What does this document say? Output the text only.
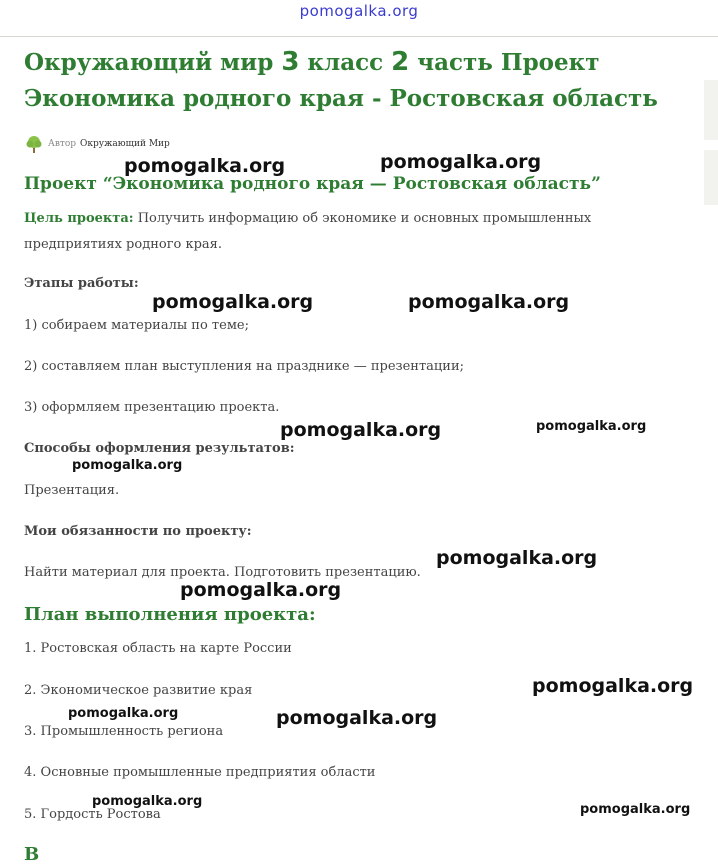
pomogalka.org
Окружающий мир 3 класс 2 часть Проект
Экономика родного края - Ростовская область
Автор Окружающий Мир
Проект “Экономика родного края — Ростовская область”
Цель проекта: Получить информацию об экономике и основных промышленных предприятиях родного края.
Этапы работы:
1) собираем материалы по теме;
2) составляем план выступления на празднике — презентации;
3) оформляем презентацию проекта.
Способы оформления результатов:
Презентация.
Мои обязанности по проекту:
Найти материал для проекта. Подготовить презентацию.
План выполнения проекта:
1. Ростовская область на карте России
2. Экономическое развитие края
3. Промышленность региона
4. Основные промышленные предприятия области
5. Гордость Ростова
В
pomogalka.org	pomogalka.org
pomogalka.org	pomogalka.org
pomogalka.org	pomogalka.org
pomogalka.org
pomogalka.org
pomogalka.org
pomogalka.org
pomogalka.org	pomogalka.org
pomogalka.org
pomogalka.org
